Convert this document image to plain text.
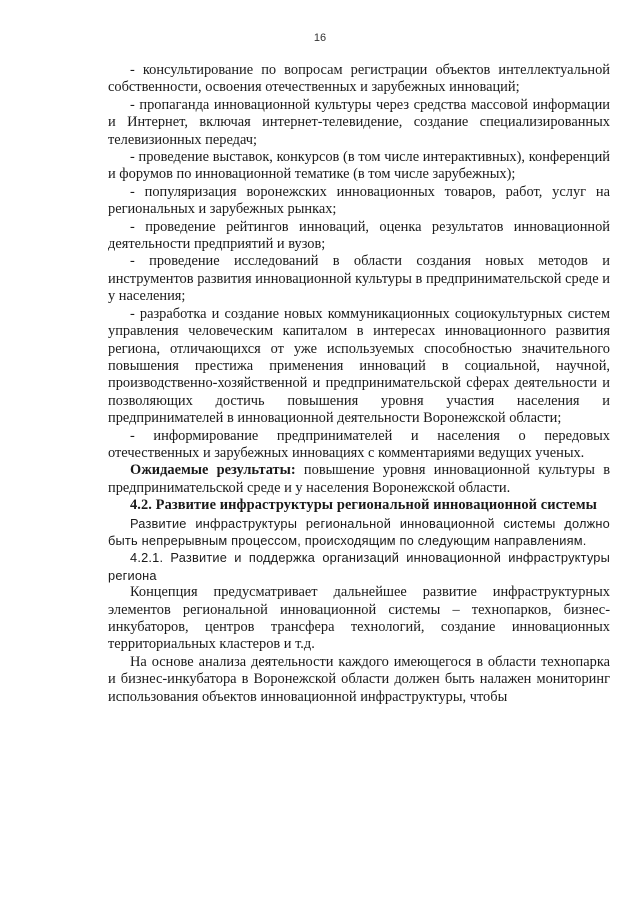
16

- консультирование по вопросам регистрации объектов интеллектуальной собственности, освоения отечественных и зарубежных инноваций;

- пропаганда инновационной культуры через средства массовой информации и Интернет, включая интернет-телевидение, создание специализированных телевизионных передач;

- проведение выставок, конкурсов (в том числе интерактивных), конференций и форумов по инновационной тематике (в том числе зарубежных);

- популяризация воронежских инновационных товаров, работ, услуг на региональных и зарубежных рынках;

- проведение рейтингов инноваций, оценка результатов инновационной деятельности предприятий и вузов;

- проведение исследований в области создания новых методов и инструментов развития инновационной культуры в предпринимательской среде и у населения;

- разработка и создание новых коммуникационных социокультурных систем управления человеческим капиталом в интересах инновационного развития региона, отличающихся от уже используемых способностью значительного повышения престижа применения инноваций в социальной, научной, производственно-хозяйственной и предпринимательской сферах деятельности и позволяющих достичь повышения уровня участия населения и предпринимателей в инновационной деятельности Воронежской области;

- информирование предпринимателей и населения о передовых отечественных и зарубежных инновациях с комментариями ведущих ученых.

Ожидаемые результаты: повышение уровня инновационной культуры в предпринимательской среде и у населения Воронежской области.

4.2. Развитие инфраструктуры региональной инновационной системы

Развитие инфраструктуры региональной инновационной системы должно быть непрерывным процессом, происходящим по следующим направлениям.

4.2.1. Развитие и поддержка организаций инновационной инфраструктуры региона

Концепция предусматривает дальнейшее развитие инфраструктурных элементов региональной инновационной системы – технопарков, бизнес-инкубаторов, центров трансфера технологий, создание инновационных территориальных кластеров и т.д.

На основе анализа деятельности каждого имеющегося в области технопарка и бизнес-инкубатора в Воронежской области должен быть налажен мониторинг использования объектов инновационной инфраструктуры, чтобы
